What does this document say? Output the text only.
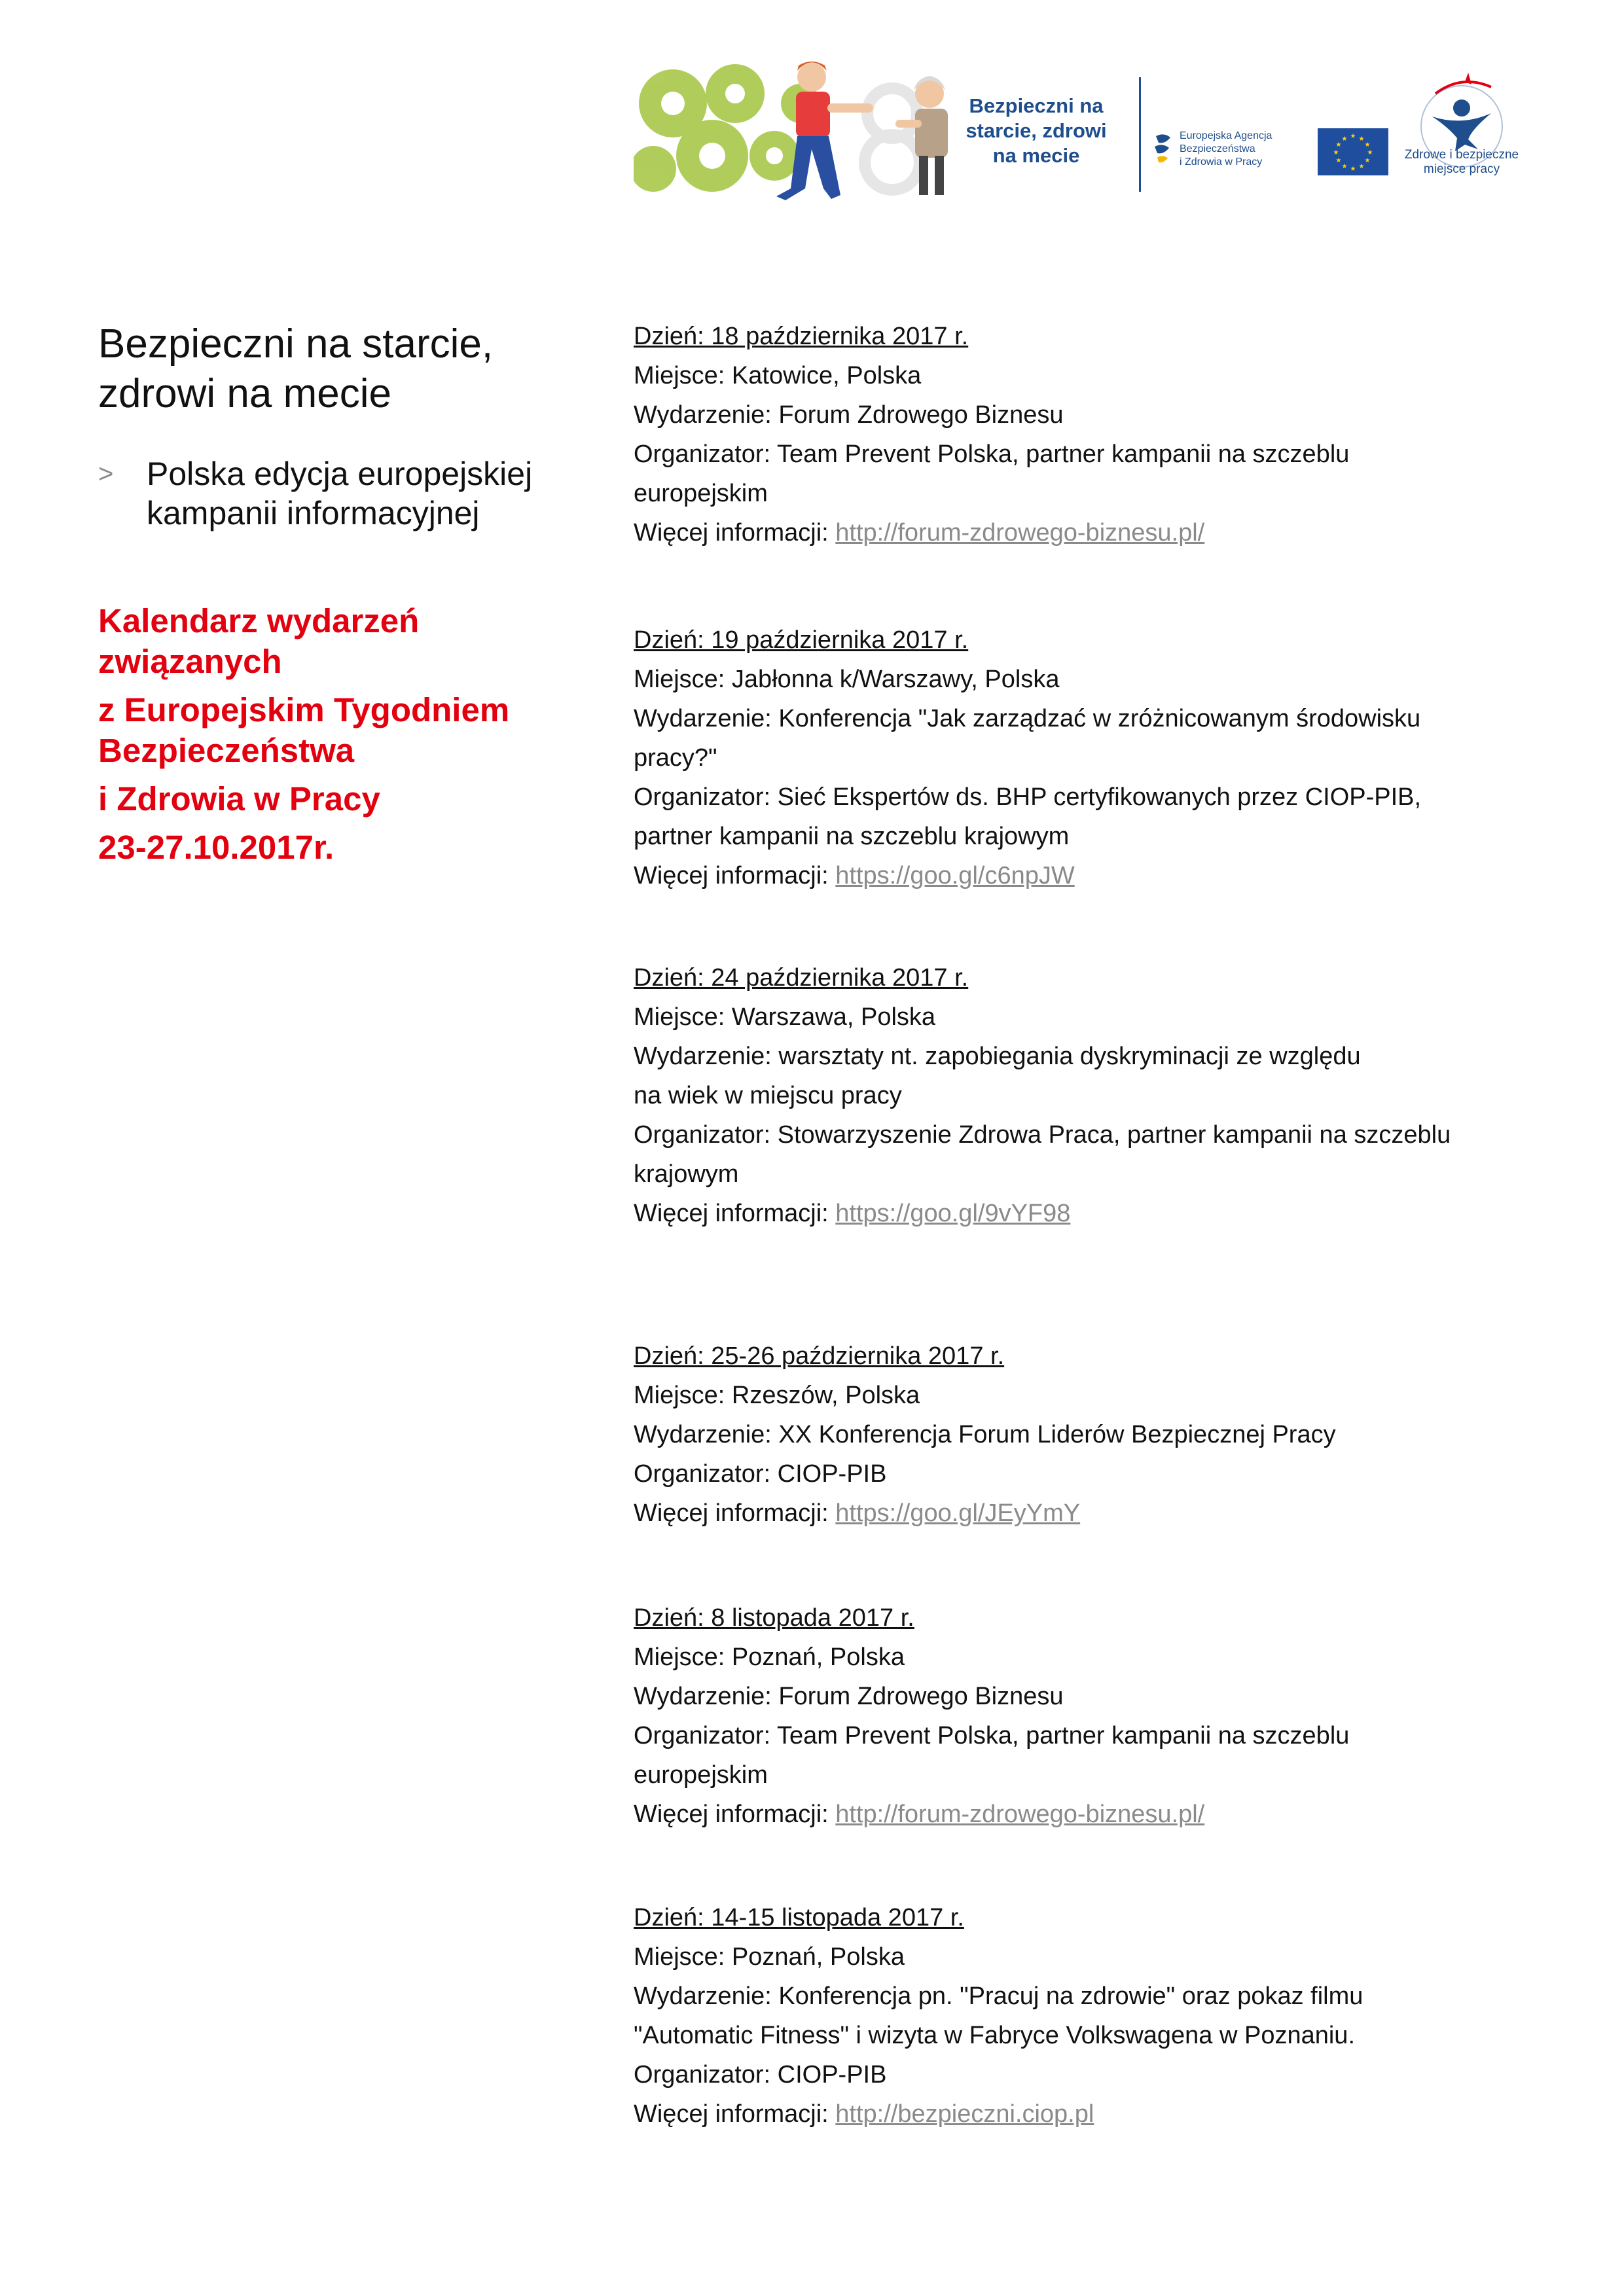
Bezpieczni na
starcie, zdrowi
na mecie
Europejska Agencja
Bezpieczeństwa
i Zdrowia w Pracy
★ ★
★
★
★
★
★
★
★
★
★
★
Zdrowe i bezpieczne
miejsce pracy
Bezpieczni na starcie,
zdrowi na mecie
> Polska edycja europejskiej
kampanii informacyjnej
Kalendarz wydarzeń
związanych
z Europejskim Tygodniem
Bezpieczeństwa
i Zdrowia w Pracy
23-27.10.2017r.
Dzień: 18 października 2017 r.
Miejsce: Katowice, Polska
Wydarzenie: Forum Zdrowego Biznesu
Organizator: Team Prevent Polska, partner kampanii na szczeblu
europejskim
Więcej informacji: http://forum-zdrowego-biznesu.pl/
Dzień: 19 października 2017 r.
Miejsce: Jabłonna k/Warszawy, Polska
Wydarzenie: Konferencja "Jak zarządzać w zróżnicowanym środowisku
pracy?"
Organizator: Sieć Ekspertów ds. BHP certyfikowanych przez CIOP-PIB,
partner kampanii na szczeblu krajowym
Więcej informacji: https://goo.gl/c6npJW
Dzień: 24 października 2017 r.
Miejsce: Warszawa, Polska
Wydarzenie: warsztaty nt. zapobiegania dyskryminacji ze względu
na wiek w miejscu pracy
Organizator: Stowarzyszenie Zdrowa Praca, partner kampanii na szczeblu
krajowym
Więcej informacji: https://goo.gl/9vYF98
Dzień: 25-26 października 2017 r.
Miejsce: Rzeszów, Polska
Wydarzenie: XX Konferencja Forum Liderów Bezpiecznej Pracy
Organizator: CIOP-PIB
Więcej informacji: https://goo.gl/JEyYmY
Dzień: 8 listopada 2017 r.
Miejsce: Poznań, Polska
Wydarzenie: Forum Zdrowego Biznesu
Organizator: Team Prevent Polska, partner kampanii na szczeblu
europejskim
Więcej informacji: http://forum-zdrowego-biznesu.pl/
Dzień: 14-15 listopada 2017 r.
Miejsce: Poznań, Polska
Wydarzenie: Konferencja pn. "Pracuj na zdrowie" oraz pokaz filmu
"Automatic Fitness" i wizyta w Fabryce Volkswagena w Poznaniu.
Organizator: CIOP-PIB
Więcej informacji: http://bezpieczni.ciop.pl
